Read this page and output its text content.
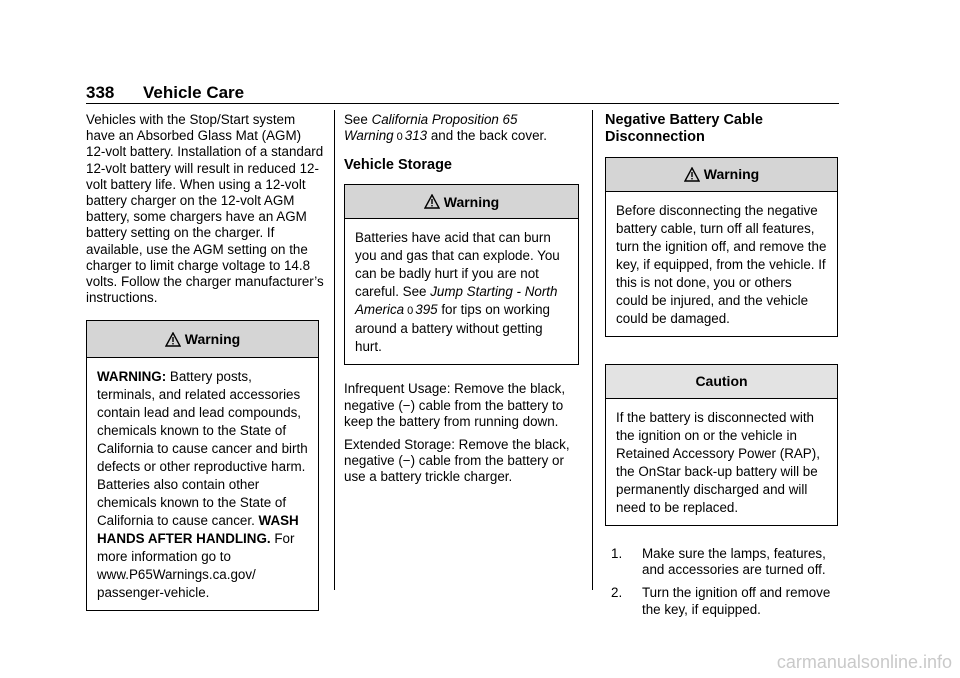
338 Vehicle Care

Vehicles with the Stop/Start system have an Absorbed Glass Mat (AGM) 12-volt battery. Installation of a standard 12-volt battery will result in reduced 12-volt battery life. When using a 12-volt battery charger on the 12-volt AGM battery, some chargers have an AGM battery setting on the charger. If available, use the AGM setting on the charger to limit charge voltage to 14.8 volts. Follow the charger manufacturer’s instructions.

Warning
WARNING: Battery posts, terminals, and related accessories contain lead and lead compounds, chemicals known to the State of California to cause cancer and birth defects or other reproductive harm. Batteries also contain other chemicals known to the State of California to cause cancer. WASH HANDS AFTER HANDLING. For more information go to www.P65Warnings.ca.gov/ passenger-vehicle.

See California Proposition 65 Warning 0 313 and the back cover.

Vehicle Storage
Warning
Batteries have acid that can burn you and gas that can explode. You can be badly hurt if you are not careful. See Jump Starting - North America 0 395 for tips on working around a battery without getting hurt.

Infrequent Usage: Remove the black, negative (−) cable from the battery to keep the battery from running down.

Extended Storage: Remove the black, negative (−) cable from the battery or use a battery trickle charger.

Negative Battery Cable Disconnection
Warning
Before disconnecting the negative battery cable, turn off all features, turn the ignition off, and remove the key, if equipped, from the vehicle. If this is not done, you or others could be injured, and the vehicle could be damaged.
Caution
If the battery is disconnected with the ignition on or the vehicle in Retained Accessory Power (RAP), the OnStar back-up battery will be permanently discharged and will need to be replaced.
1. Make sure the lamps, features, and accessories are turned off.
2. Turn the ignition off and remove the key, if equipped.
carmanualsonline.info
